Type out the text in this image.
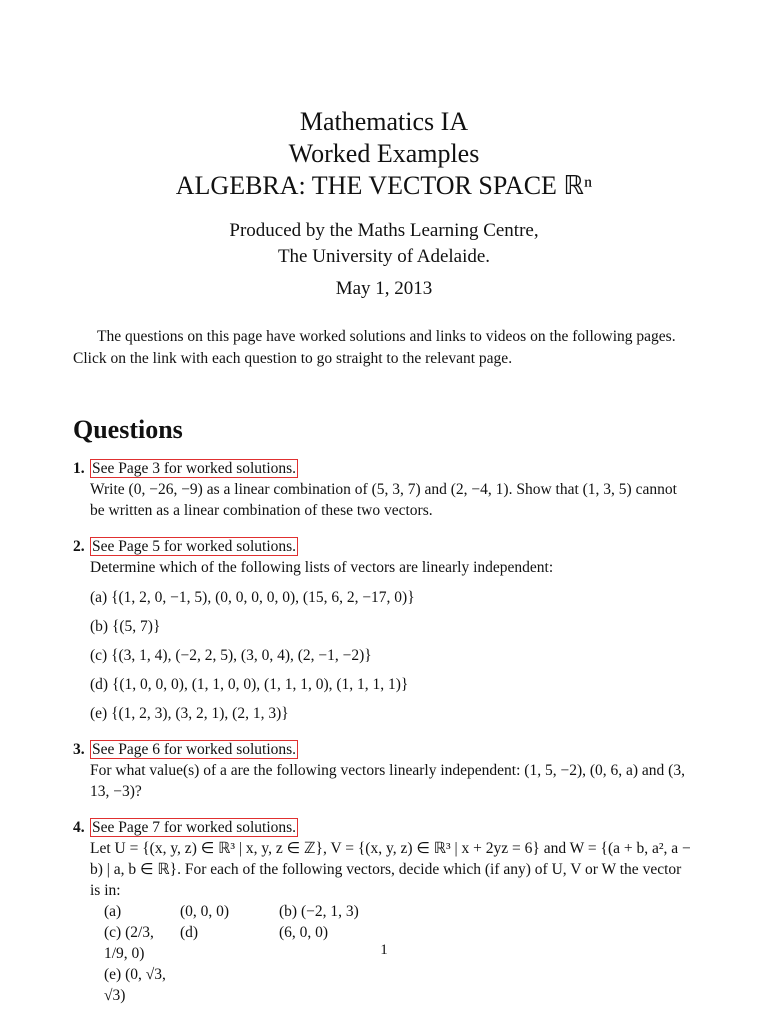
Mathematics IA
Worked Examples
ALGEBRA: THE VECTOR SPACE ℝⁿ
Produced by the Maths Learning Centre,
The University of Adelaide.
May 1, 2013
The questions on this page have worked solutions and links to videos on the following pages. Click on the link with each question to go straight to the relevant page.
Questions
1. See Page 3 for worked solutions.
Write (0, −26, −9) as a linear combination of (5, 3, 7) and (2, −4, 1). Show that (1, 3, 5) cannot be written as a linear combination of these two vectors.
2. See Page 5 for worked solutions.
Determine which of the following lists of vectors are linearly independent:
(a) {(1, 2, 0, −1, 5), (0, 0, 0, 0, 0), (15, 6, 2, −17, 0)}
(b) {(5, 7)}
(c) {(3, 1, 4), (−2, 2, 5), (3, 0, 4), (2, −1, −2)}
(d) {(1, 0, 0, 0), (1, 1, 0, 0), (1, 1, 1, 0), (1, 1, 1, 1)}
(e) {(1, 2, 3), (3, 2, 1), (2, 1, 3)}
3. See Page 6 for worked solutions.
For what value(s) of a are the following vectors linearly independent: (1, 5, −2), (0, 6, a) and (3, 13, −3)?
4. See Page 7 for worked solutions.
Let U = {(x, y, z) ∈ ℝ³ | x, y, z ∈ ℤ}, V = {(x, y, z) ∈ ℝ³ | x + 2yz = 6} and W = {(a + b, a², a − b) | a, b ∈ ℝ}. For each of the following vectors, decide which (if any) of U, V or W the vector is in:
(a)	(0, 0, 0)	(b) (−2, 1, 3)
(c) (2/3, 1/9, 0)
(d)	(6, 0, 0)
(e) (0, √3, √3)
1
